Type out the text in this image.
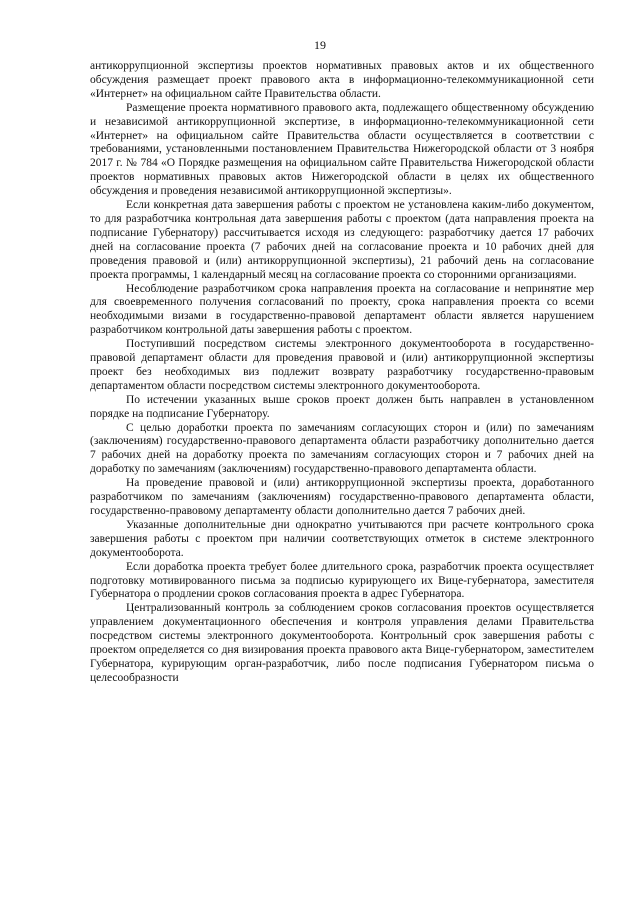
19

антикоррупционной экспертизы проектов нормативных правовых актов и их общественного обсуждения размещает проект правового акта в информационно-телекоммуникационной сети «Интернет» на официальном сайте Правительства области.

Размещение проекта нормативного правового акта, подлежащего общественному обсуждению и независимой антикоррупционной экспертизе, в информационно-телекоммуникационной сети «Интернет» на официальном сайте Правительства области осуществляется в соответствии с требованиями, установленными постановлением Правительства Нижегородской области от 3 ноября 2017 г. № 784 «О Порядке размещения на официальном сайте Правительства Нижегородской области проектов нормативных правовых актов Нижегородской области в целях их общественного обсуждения и проведения независимой антикоррупционной экспертизы».

Если конкретная дата завершения работы с проектом не установлена каким-либо документом, то для разработчика контрольная дата завершения работы с проектом (дата направления проекта на подписание Губернатору) рассчитывается исходя из следующего: разработчику дается 17 рабочих дней на согласование проекта (7 рабочих дней на согласование проекта и 10 рабочих дней для проведения правовой и (или) антикоррупционной экспертизы), 21 рабочий день на согласование проекта программы, 1 календарный месяц на согласование проекта со сторонними организациями.

Несоблюдение разработчиком срока направления проекта на согласование и непринятие мер для своевременного получения согласований по проекту, срока направления проекта со всеми необходимыми визами в государственно-правовой департамент области является нарушением разработчиком контрольной даты завершения работы с проектом.

Поступивший посредством системы электронного документооборота в государственно-правовой департамент области для проведения правовой и (или) антикоррупционной экспертизы проект без необходимых виз подлежит возврату разработчику государственно-правовым департаментом области посредством системы электронного документооборота.

По истечении указанных выше сроков проект должен быть направлен в установленном порядке на подписание Губернатору.

С целью доработки проекта по замечаниям согласующих сторон и (или) по замечаниям (заключениям) государственно-правового департамента области разработчику дополнительно дается 7 рабочих дней на доработку проекта по замечаниям согласующих сторон и 7 рабочих дней на доработку по замечаниям (заключениям) государственно-правового департамента области.

На проведение правовой и (или) антикоррупционной экспертизы проекта, доработанного разработчиком по замечаниям (заключениям) государственно-правового департамента области, государственно-правовому департаменту области дополнительно дается 7 рабочих дней.

Указанные дополнительные дни однократно учитываются при расчете контрольного срока завершения работы с проектом при наличии соответствующих отметок в системе электронного документооборота.

Если доработка проекта требует более длительного срока, разработчик проекта осуществляет подготовку мотивированного письма за подписью курирующего их Вице-губернатора, заместителя Губернатора о продлении сроков согласования проекта в адрес Губернатора.

Централизованный контроль за соблюдением сроков согласования проектов осуществляется управлением документационного обеспечения и контроля управления делами Правительства посредством системы электронного документооборота. Контрольный срок завершения работы с проектом определяется со дня визирования проекта правового акта Вице-губернатором, заместителем Губернатора, курирующим орган-разработчик, либо после подписания Губернатором письма о целесообразности
